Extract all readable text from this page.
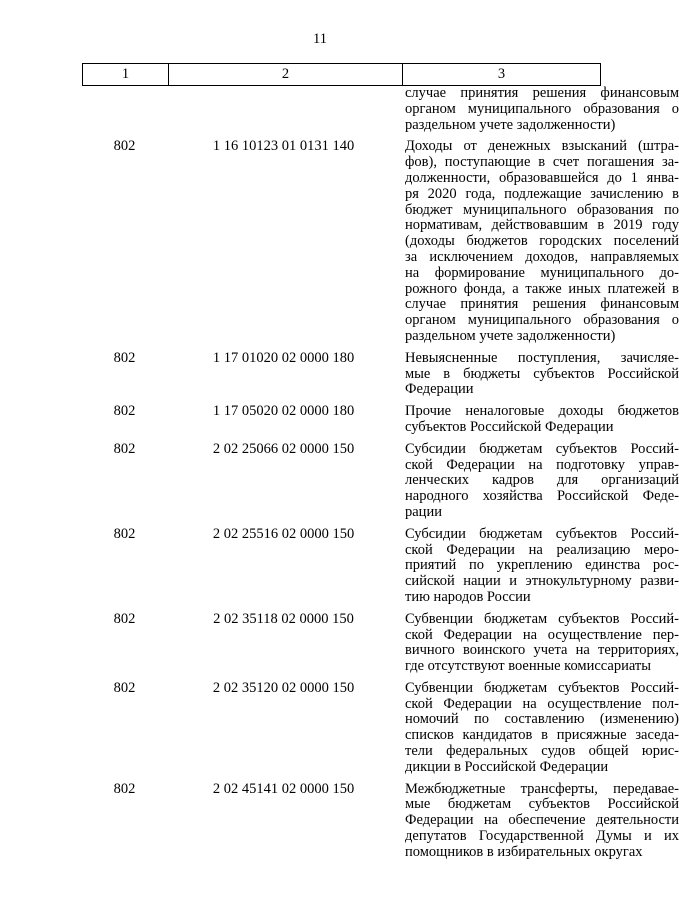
11
1	2	3
случае принятия решения финансовым
органом муниципального образования о
раздельном учете задолженности)
802	1 16 10123 01 0131 140	Доходы от денежных взысканий (штра-
фов), поступающие в счет погашения за-
долженности, образовавшейся до 1 янва-
ря 2020 года, подлежащие зачислению в
бюджет муниципального образования по
нормативам, действовавшим в 2019 году
(доходы бюджетов городских поселений
за исключением доходов, направляемых
на формирование муниципального до-
рожного фонда, а также иных платежей в
случае принятия решения финансовым
органом муниципального образования о
раздельном учете задолженности)
802	1 17 01020 02 0000 180	Невыясненные поступления, зачисляе-
мые в бюджеты субъектов Российской
Федерации
802	1 17 05020 02 0000 180	Прочие неналоговые доходы бюджетов
субъектов Российской Федерации
802	2 02 25066 02 0000 150	Субсидии бюджетам субъектов Россий-
ской Федерации на подготовку управ-
ленческих кадров для организаций
народного хозяйства Российской Феде-
рации
802	2 02 25516 02 0000 150	Субсидии бюджетам субъектов Россий-
ской Федерации на реализацию меро-
приятий по укреплению единства рос-
сийской нации и этнокультурному разви-
тию народов России
802	2 02 35118 02 0000 150	Субвенции бюджетам субъектов Россий-
ской Федерации на осуществление пер-
вичного воинского учета на территориях,
где отсутствуют военные комиссариаты
802	2 02 35120 02 0000 150	Субвенции бюджетам субъектов Россий-
ской Федерации на осуществление пол-
номочий по составлению (изменению)
списков кандидатов в присяжные заседа-
тели федеральных судов общей юрис-
дикции в Российской Федерации
802	2 02 45141 02 0000 150	Межбюджетные трансферты, передавае-
мые бюджетам субъектов Российской
Федерации на обеспечение деятельности
депутатов Государственной Думы и их
помощников в избирательных округах
